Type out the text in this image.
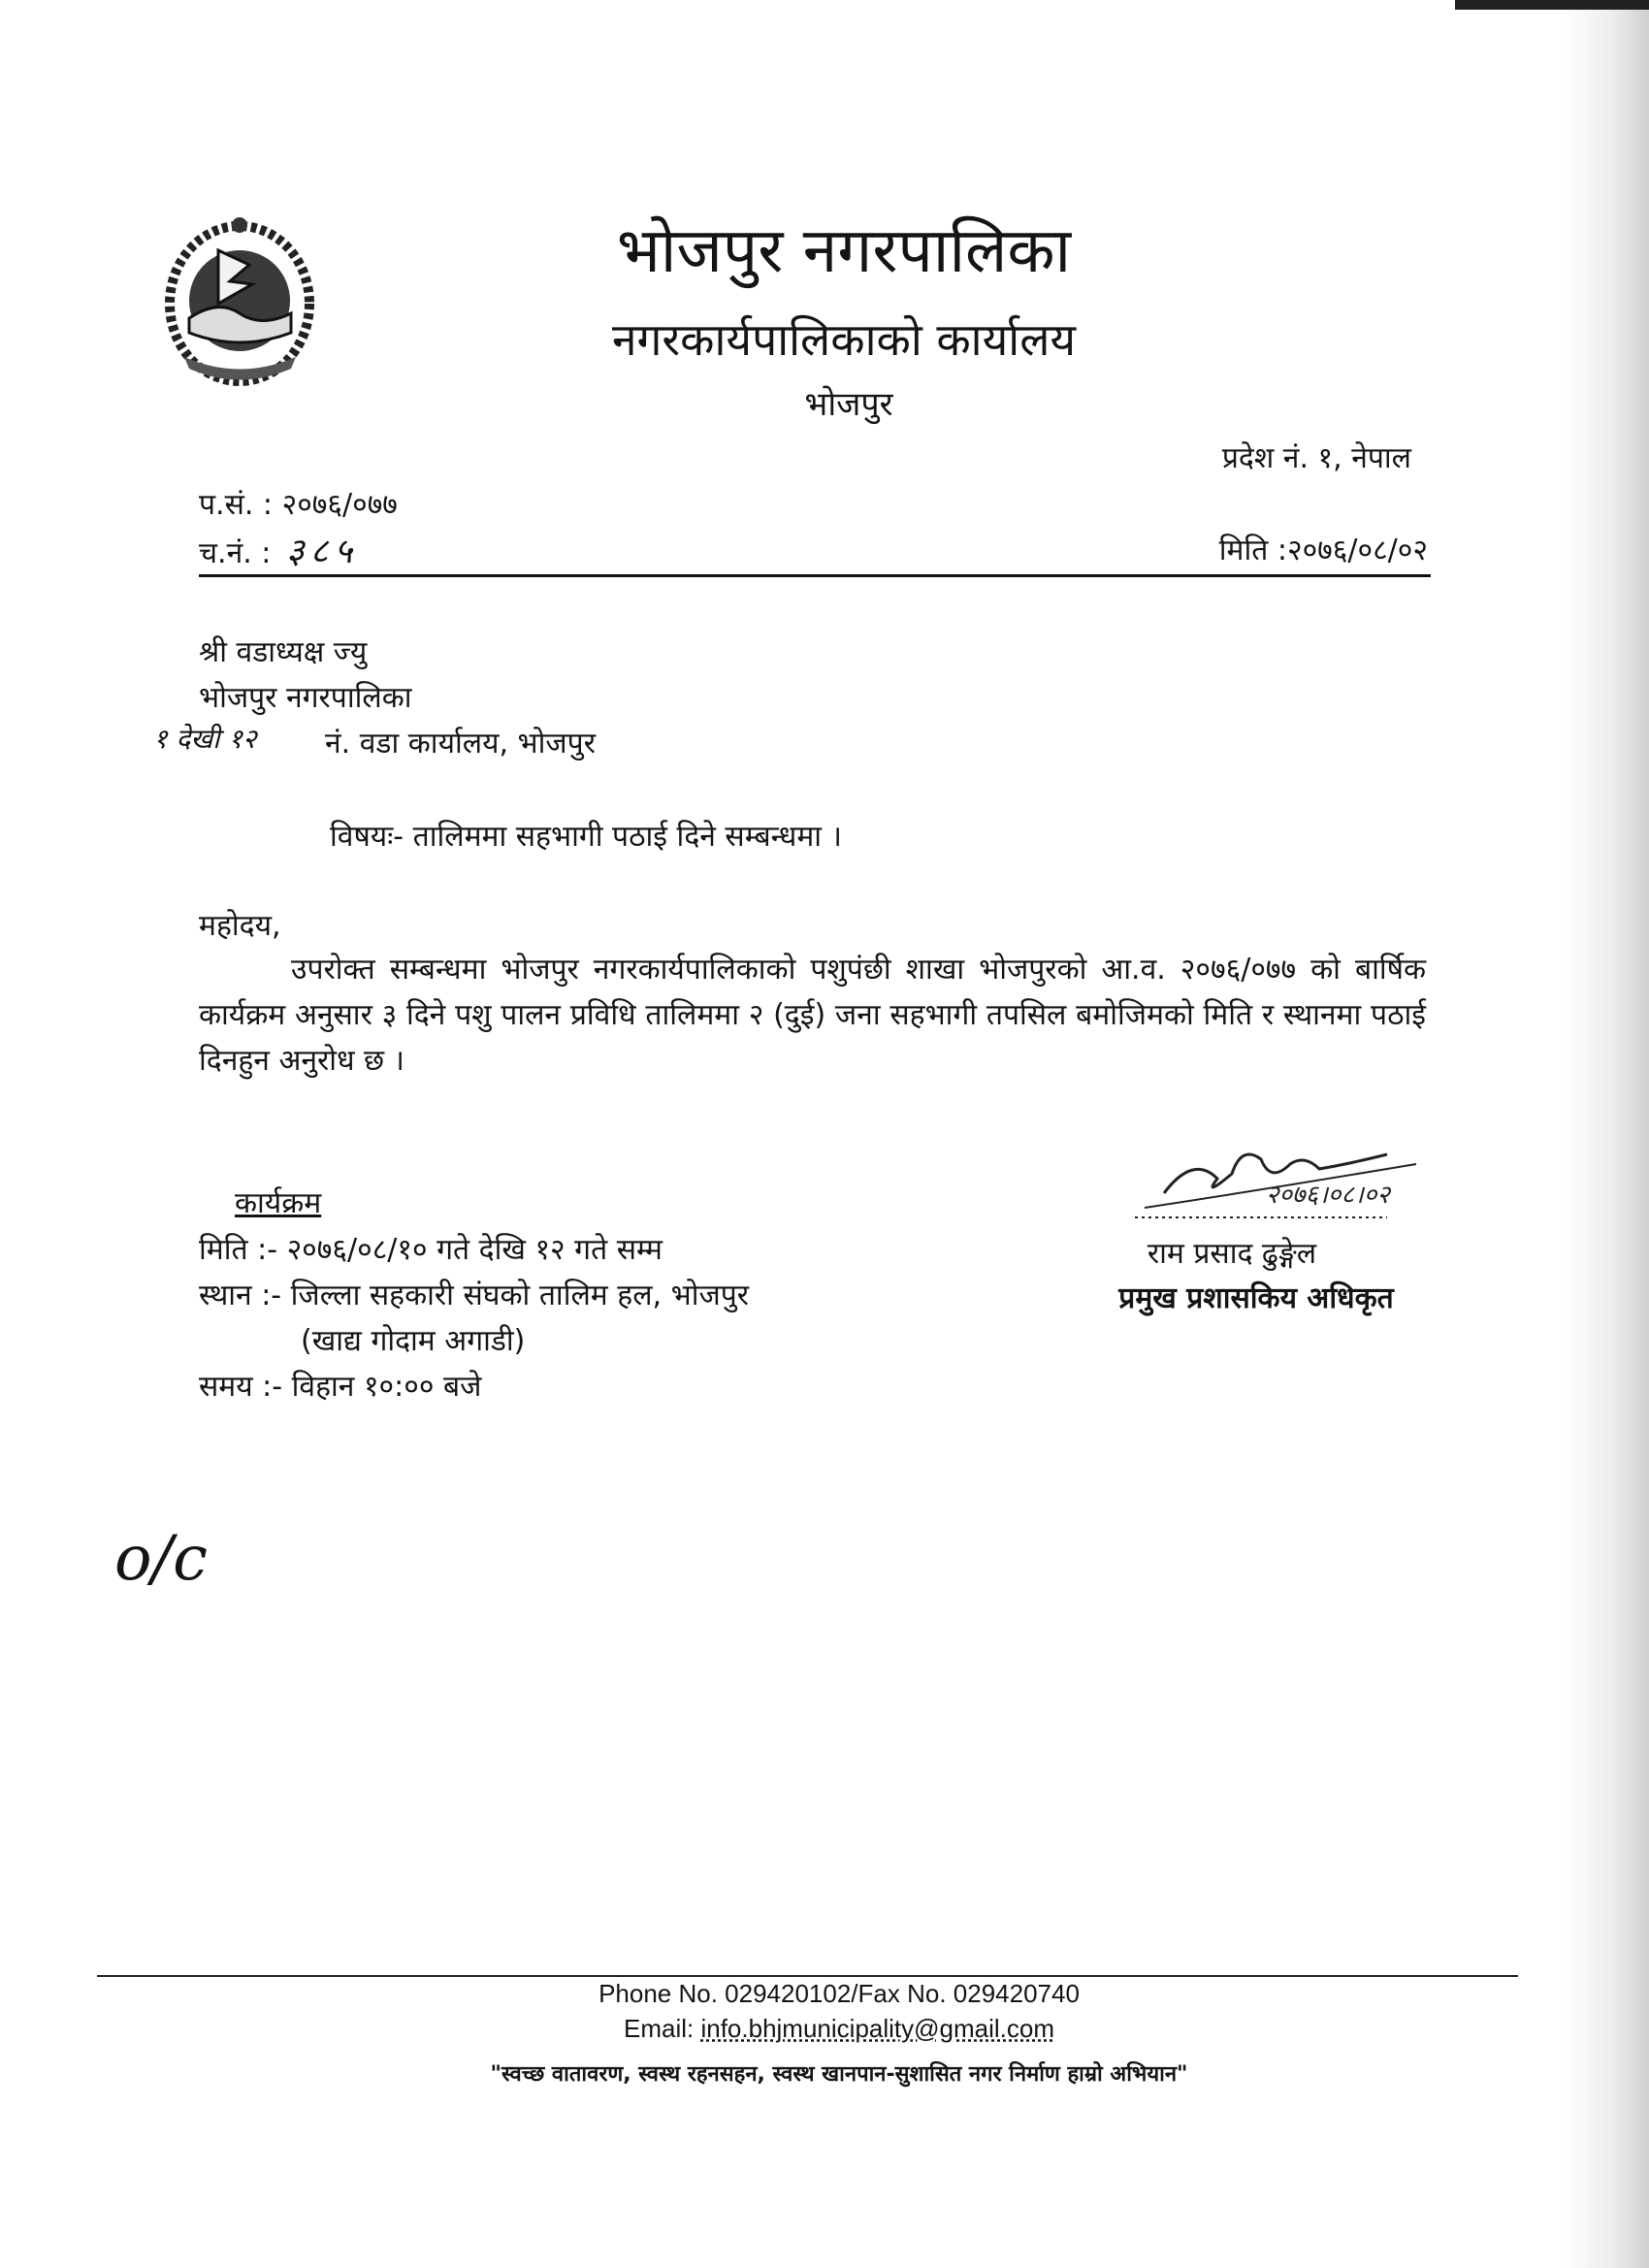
भोजपुर नगरपालिका
नगरकार्यपालिकाको कार्यालय
भोजपुर
प्रदेश नं. १, नेपाल
प.सं. : २०७६/०७७
च.नं. : ३८५	मिति :२०७६/०८/०२
श्री वडाध्यक्ष ज्यु
भोजपुर नगरपालिका
१ देखी १२ नं. वडा कार्यालय, भोजपुर
विषयः- तालिममा सहभागी पठाई दिने सम्बन्धमा ।
महोदय,
उपरोक्त सम्बन्धमा भोजपुर नगरकार्यपालिकाको पशुपंछी शाखा भोजपुरको आ.व. २०७६/०७७ को बार्षिक कार्यक्रम अनुसार ३ दिने पशु पालन प्रविधि तालिममा २ (दुई) जना सहभागी तपसिल बमोजिमको मिति र स्थानमा पठाई दिनहुन अनुरोध छ ।
कार्यक्रम
मिति :- २०७६/०८/१० गते देखि १२ गते सम्म
स्थान :- जिल्ला सहकारी संघको तालिम हल, भोजपुर
(खाद्य गोदाम अगाडी)
समय :- विहान १०:०० बजे
२०७६।०८।०२
राम प्रसाद ढुङ्गेल
प्रमुख प्रशासकिय अधिकृत
o/c
Phone No. 029420102/Fax No. 029420740
Email: info.bhjmunicipality@gmail.com
"स्वच्छ वातावरण, स्वस्थ रहनसहन, स्वस्थ खानपान-सुशासित नगर निर्माण हाम्रो अभियान"
